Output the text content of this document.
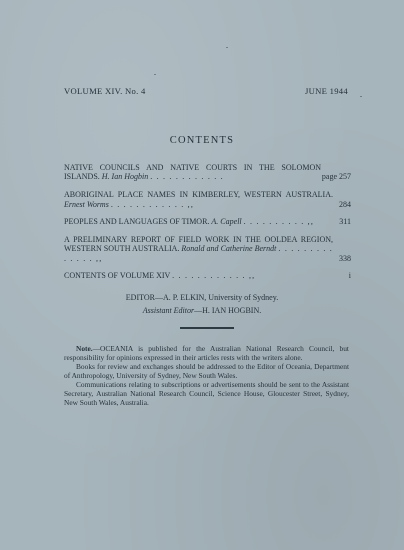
VOLUME XIV. No. 4	JUNE 1944
CONTENTS
NATIVE COUNCILS AND NATIVE COURTS IN THE SOLOMON ISLANDS. H. Ian Hogbin . . . . . . . . . . . .	page 257
ABORIGINAL PLACE NAMES IN KIMBERLEY, WESTERN AUSTRALIA. Ernest Worms . . . . . . . . . . . . ,,	284
PEOPLES AND LANGUAGES OF TIMOR. A. Capell . . . . . . . . . . ,,	311
A PRELIMINARY REPORT OF FIELD WORK IN THE OOLDEA REGION, WESTERN SOUTH AUSTRALIA. Ronald and Catherine Berndt . . . . . . . . . . . . . . ,,	338
CONTENTS OF VOLUME XIV . . . . . . . . . . . . ,,	i
EDITOR—A. P. ELKIN, University of Sydney.
Assistant Editor—H. IAN HOGBIN.

Note.—OCEANIA is published for the Australian National Research Council, but responsibility for opinions expressed in their articles rests with the writers alone.

Books for review and exchanges should be addressed to the Editor of Oceania, Department of Anthropology, University of Sydney, New South Wales.

Communications relating to subscriptions or advertisements should be sent to the Assistant Secretary, Australian National Research Council, Science House, Gloucester Street, Sydney, New South Wales, Australia.
